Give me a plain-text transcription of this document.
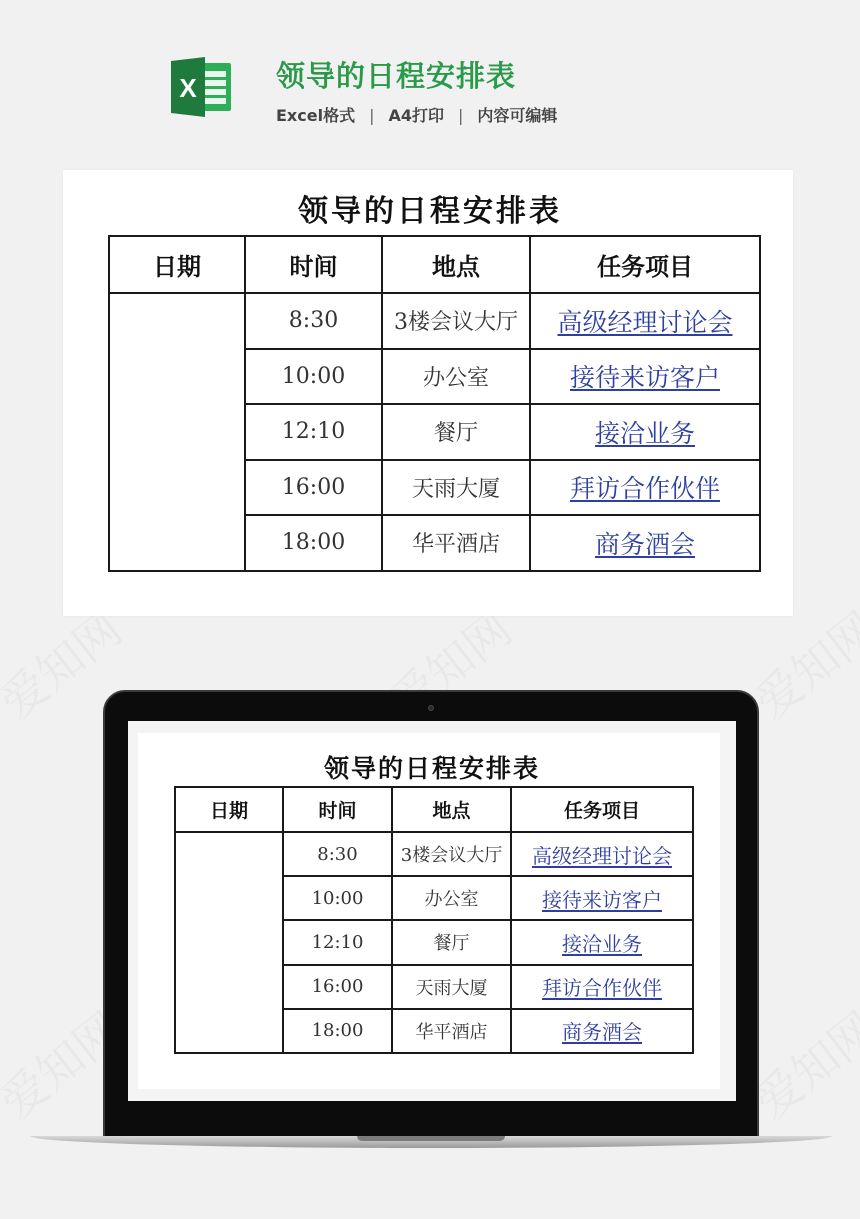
X	领导的日程安排表
Excel格式 | A4打印 | 内容可编辑
领导的日程安排表
日期	时间	地点	任务项目
	8:30	3楼会议大厅	高级经理讨论会
	10:00	办公室	接待来访客户
	12:10	餐厅	接洽业务
	16:00	天雨大厦	拜访合作伙伴
	18:00	华平酒店	商务酒会
领导的日程安排表
日期	时间	地点	任务项目
	8:30	3楼会议大厅	高级经理讨论会
	10:00	办公室	接待来访客户
	12:10	餐厅	接洽业务
	16:00	天雨大厦	拜访合作伙伴
	18:00	华平酒店	商务酒会
